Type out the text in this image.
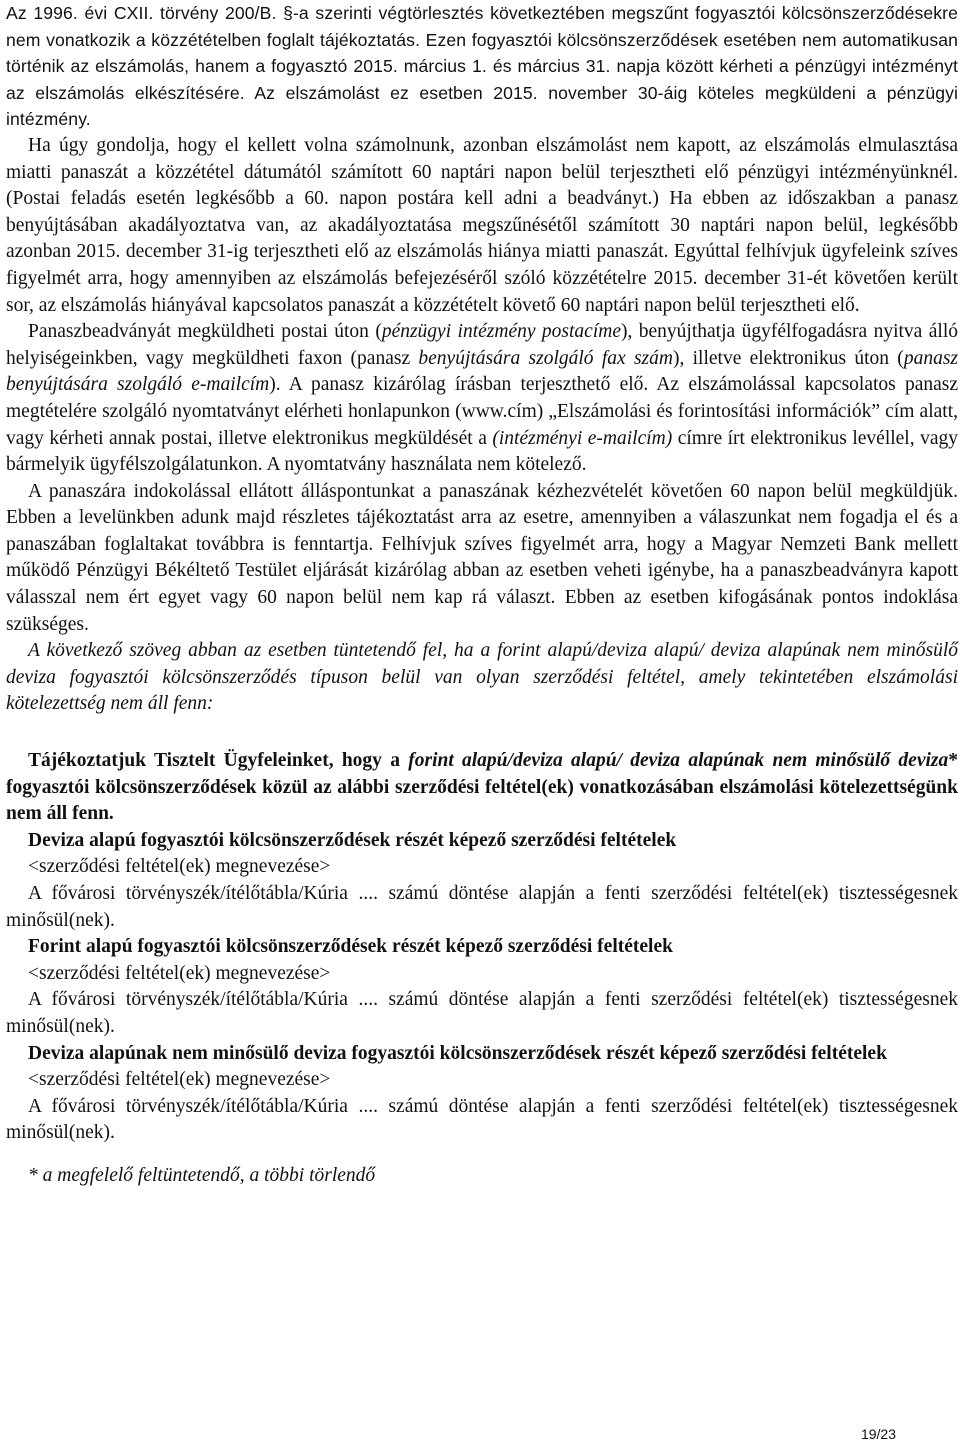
Az 1996. évi CXII. törvény 200/B. §-a szerinti végtörlesztés következtében megszűnt fogyasztói kölcsönszerződésekre nem vonatkozik a közzétételben foglalt tájékoztatás. Ezen fogyasztói kölcsönszerződések esetében nem automatikusan történik az elszámolás, hanem a fogyasztó 2015. március 1. és március 31. napja között kérheti a pénzügyi intézményt az elszámolás elkészítésére. Az elszámolást ez esetben 2015. november 30-áig köteles megküldeni a pénzügyi intézmény.

Ha úgy gondolja, hogy el kellett volna számolnunk, azonban elszámolást nem kapott, az elszámolás elmulasztása miatti panaszát a közzététel dátumától számított 60 naptári napon belül terjesztheti elő pénzügyi intézményünknél. (Postai feladás esetén legkésőbb a 60. napon postára kell adni a beadványt.) Ha ebben az időszakban a panasz benyújtásában akadályoztatva van, az akadályoztatása megszűnésétől számított 30 naptári napon belül, legkésőbb azonban 2015. december 31-ig terjesztheti elő az elszámolás hiánya miatti panaszát. Egyúttal felhívjuk ügyfeleink szíves figyelmét arra, hogy amennyiben az elszámolás befejezéséről szóló közzétételre 2015. december 31-ét követően került sor, az elszámolás hiányával kapcsolatos panaszát a közzétételt követő 60 naptári napon belül terjesztheti elő.

Panaszbeadványát megküldheti postai úton (pénzügyi intézmény postacíme), benyújthatja ügyfélfogadásra nyitva álló helyiségeinkben, vagy megküldheti faxon (panasz benyújtására szolgáló fax szám), illetve elektronikus úton (panasz benyújtására szolgáló e-mailcím). A panasz kizárólag írásban terjeszthető elő. Az elszámolással kapcsolatos panasz megtételére szolgáló nyomtatványt elérheti honlapunkon (www.cím) „Elszámolási és forintosítási információk” cím alatt, vagy kérheti annak postai, illetve elektronikus megküldését a (intézményi e-mailcím) címre írt elektronikus levéllel, vagy bármelyik ügyfélszolgálatunkon. A nyomtatvány használata nem kötelező.

A panaszára indokolással ellátott álláspontunkat a panaszának kézhezvételét követően 60 napon belül megküldjük. Ebben a levelünkben adunk majd részletes tájékoztatást arra az esetre, amennyiben a válaszunkat nem fogadja el és a panaszában foglaltakat továbbra is fenntartja. Felhívjuk szíves figyelmét arra, hogy a Magyar Nemzeti Bank mellett működő Pénzügyi Békéltető Testület eljárását kizárólag abban az esetben veheti igénybe, ha a panaszbeadványra kapott válasszal nem ért egyet vagy 60 napon belül nem kap rá választ. Ebben az esetben kifogásának pontos indoklása szükséges.

A következő szöveg abban az esetben tüntetendő fel, ha a forint alapú/deviza alapú/ deviza alapúnak nem minősülő deviza fogyasztói kölcsönszerződés típuson belül van olyan szerződési feltétel, amely tekintetében elszámolási kötelezettség nem áll fenn:

Tájékoztatjuk Tisztelt Ügyfeleinket, hogy a forint alapú/deviza alapú/ deviza alapúnak nem minősülő deviza* fogyasztói kölcsönszerződések közül az alábbi szerződési feltétel(ek) vonatkozásában elszámolási kötelezettségünk nem áll fenn.

Deviza alapú fogyasztói kölcsönszerződések részét képező szerződési feltételek

<szerződési feltétel(ek) megnevezése>

A fővárosi törvényszék/ítélőtábla/Kúria .... számú döntése alapján a fenti szerződési feltétel(ek) tisztességesnek minősül(nek).

Forint alapú fogyasztói kölcsönszerződések részét képező szerződési feltételek

<szerződési feltétel(ek) megnevezése>

A fővárosi törvényszék/ítélőtábla/Kúria .... számú döntése alapján a fenti szerződési feltétel(ek) tisztességesnek minősül(nek).

Deviza alapúnak nem minősülő deviza fogyasztói kölcsönszerződések részét képező szerződési feltételek

<szerződési feltétel(ek) megnevezése>

A fővárosi törvényszék/ítélőtábla/Kúria .... számú döntése alapján a fenti szerződési feltétel(ek) tisztességesnek minősül(nek).

* a megfelelő feltüntetendő, a többi törlendő

19/23
